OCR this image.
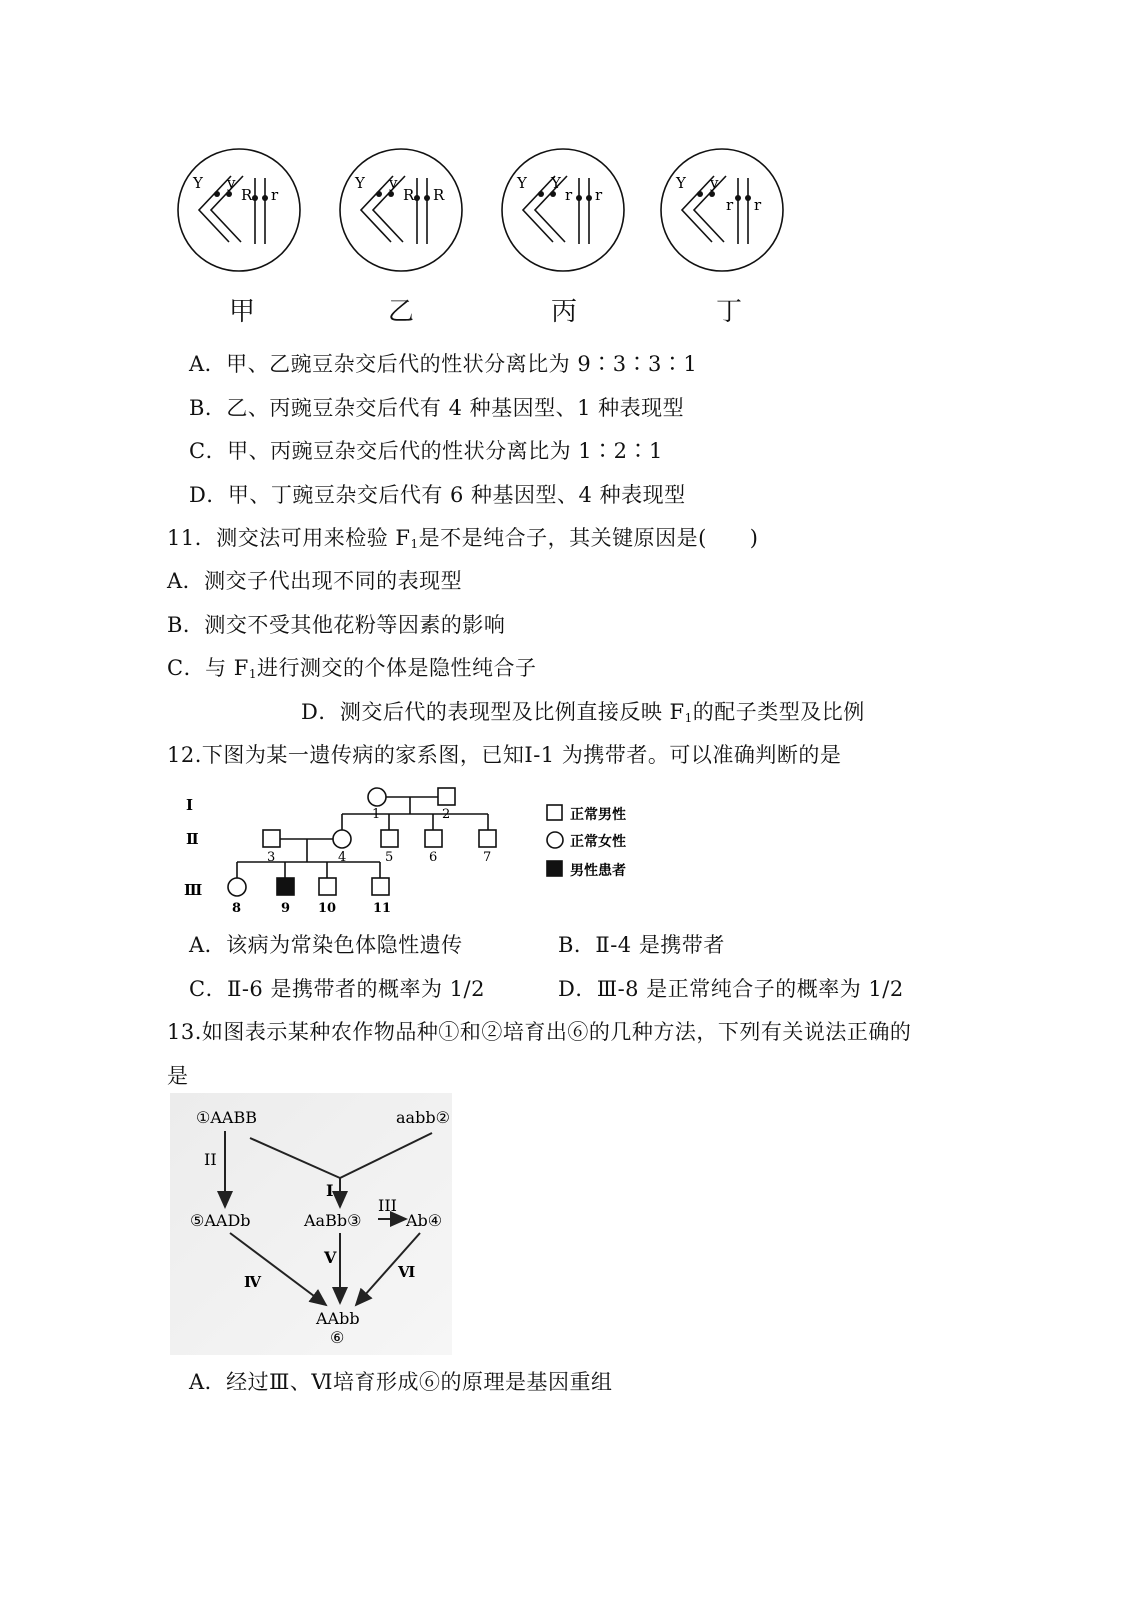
Y y
R r
Y y
R R
Y Y
r r
Y y
r r
甲	乙	丙	丁
A．甲、乙豌豆杂交后代的性状分离比为 9∶3∶3∶1
B．乙、丙豌豆杂交后代有 4 种基因型、1 种表现型
C．甲、丙豌豆杂交后代的性状分离比为 1∶2∶1
D．甲、丁豌豆杂交后代有 6 种基因型、4 种表现型
11．测交法可用来检验 $F_1$是不是纯合子，其关键原因是(　　)
A．测交子代出现不同的表现型
B．测交不受其他花粉等因素的影响
C．与 $F_1$进行测交的个体是隐性纯合子
D．测交后代的表现型及比例直接反映 $F_1$的配子类型及比例
12.下图为某一遗传病的家系图，已知Ⅰ-1 为携带者。可以准确判断的是
Ⅰ
Ⅱ
Ⅲ
1	2
3	4	5	6	7
8	9 10	11
正常男性
正常女性
男性患者
A．该病为常染色体隐性遗传	B．Ⅱ-4 是携带者
C．Ⅱ-6 是携带者的概率为 1/2	D．Ⅲ-8 是正常纯合子的概率为 1/2
13.如图表示某种农作物品种①和②培育出⑥的几种方法，下列有关说法正确的
是
①AABB	aabb②
⑤AADb	AaBb③	Ab④
AAbb
⑥
II
I
III
Ⅳ
V
Ⅵ
A．经过Ⅲ、Ⅵ培育形成⑥的原理是基因重组
